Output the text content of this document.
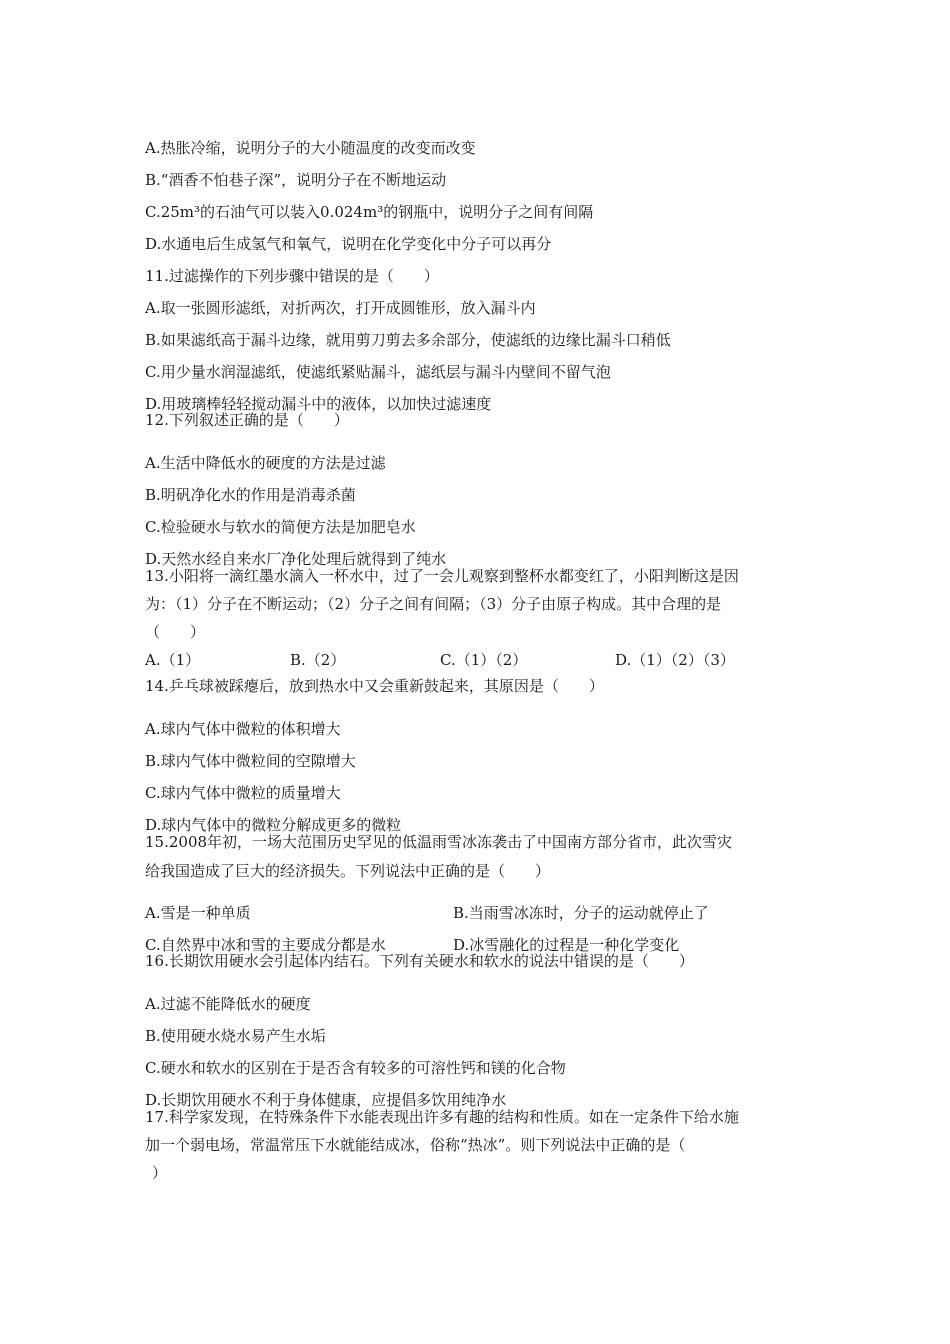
A.热胀冷缩，说明分子的大小随温度的改变而改变

B.“酒香不怕巷子深”，说明分子在不断地运动

C.25m³的石油气可以装入0.024m³的钢瓶中，说明分子之间有间隔

D.水通电后生成氢气和氧气，说明在化学变化中分子可以再分

11.过滤操作的下列步骤中错误的是（　　）

A.取一张圆形滤纸，对折两次，打开成圆锥形，放入漏斗内

B.如果滤纸高于漏斗边缘，就用剪刀剪去多余部分，使滤纸的边缘比漏斗口稍低

C.用少量水润湿滤纸，使滤纸紧贴漏斗，滤纸层与漏斗内壁间不留气泡

D.用玻璃棒轻轻搅动漏斗中的液体，以加快过滤速度

12.下列叙述正确的是（　　）

A.生活中降低水的硬度的方法是过滤

B.明矾净化水的作用是消毒杀菌

C.检验硬水与软水的简便方法是加肥皂水

D.天然水经自来水厂净化处理后就得到了纯水

13.小阳将一滴红墨水滴入一杯水中，过了一会儿观察到整杯水都变红了，小阳判断这是因

为：（1）分子在不断运动；（2）分子之间有间隔；（3）分子由原子构成。其中合理的是

（　　）

A.（1）	B.（2）	C.（1）（2）	D.（1）（2）（3）

14.乒乓球被踩瘪后，放到热水中又会重新鼓起来，其原因是（　　）

A.球内气体中微粒的体积增大

B.球内气体中微粒间的空隙增大

C.球内气体中微粒的质量增大

D.球内气体中的微粒分解成更多的微粒

15.2008年初，一场大范围历史罕见的低温雨雪冰冻袭击了中国南方部分省市，此次雪灾

给我国造成了巨大的经济损失。下列说法中正确的是（　　）

A.雪是一种单质	B.当雨雪冰冻时，分子的运动就停止了
C.自然界中冰和雪的主要成分都是水	D.冰雪融化的过程是一种化学变化

16.长期饮用硬水会引起体内结石。下列有关硬水和软水的说法中错误的是（　　）

A.过滤不能降低水的硬度

B.使用硬水烧水易产生水垢

C.硬水和软水的区别在于是否含有较多的可溶性钙和镁的化合物

D.长期饮用硬水不利于身体健康，应提倡多饮用纯净水

17.科学家发现，在特殊条件下水能表现出许多有趣的结构和性质。如在一定条件下给水施

加一个弱电场，常温常压下水就能结成冰，俗称“热冰”。则下列说法中正确的是（

）
